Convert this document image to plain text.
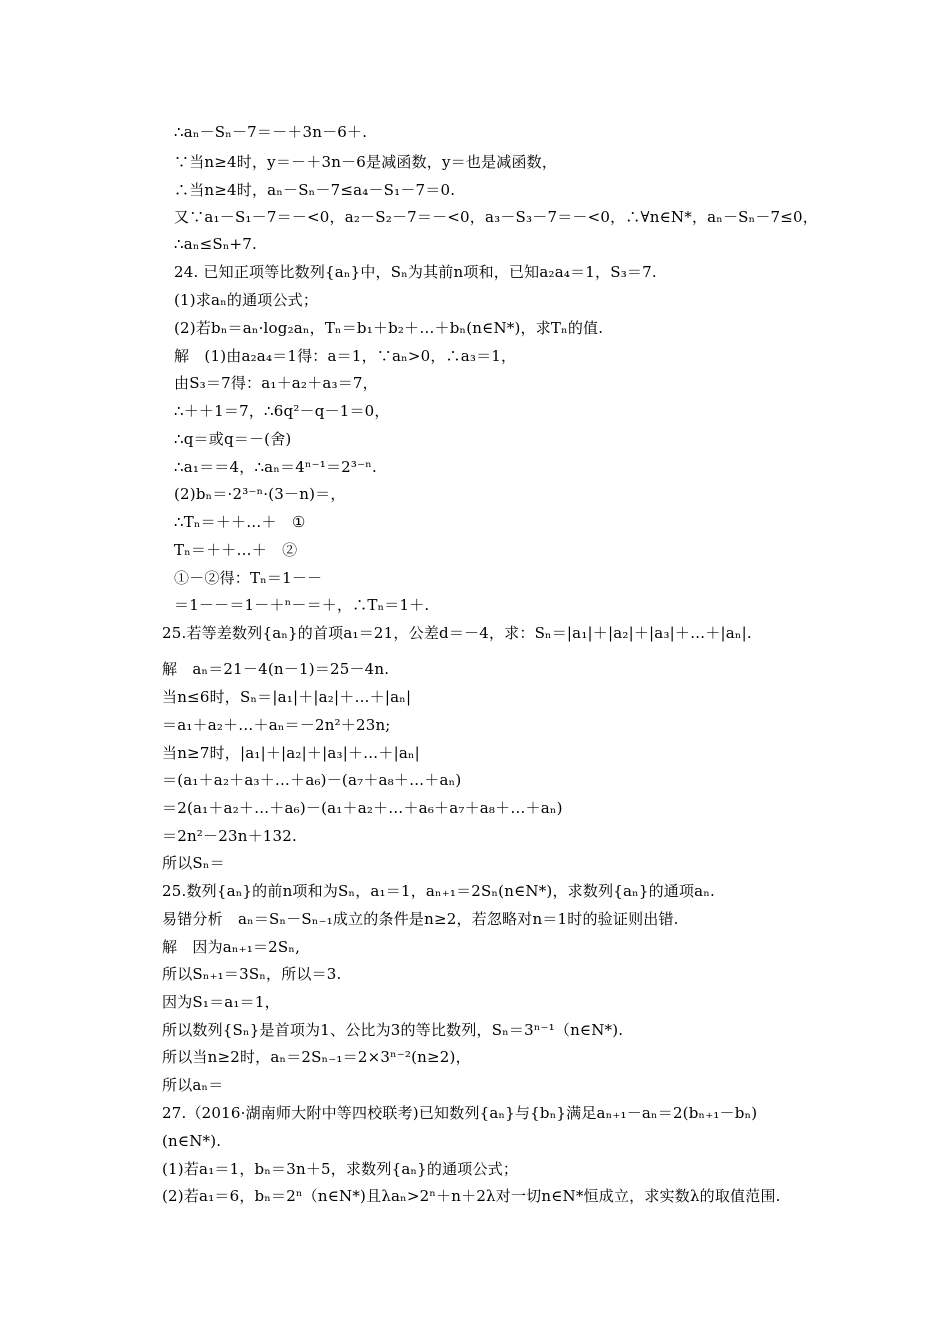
∴aₙ－Sₙ－7＝－＋3n－6＋.
∵当n≥4时，y＝－＋3n－6是减函数，y＝也是减函数，
∴当n≥4时，aₙ－Sₙ－7≤a₄－S₁－7＝0.
又∵a₁－S₁－7＝－<0，a₂－S₂－7＝－<0，a₃－S₃－7＝－<0，∴∀n∈N*，aₙ－Sₙ－7≤0，
∴aₙ≤Sₙ+7.
24. 已知正项等比数列{aₙ}中，Sₙ为其前n项和，已知a₂a₄＝1，S₃＝7.
(1)求aₙ的通项公式；
(2)若bₙ＝aₙ·log₂aₙ，Tₙ＝b₁＋b₂＋…＋bₙ(n∈N*)，求Tₙ的值.
解　(1)由a₂a₄＝1得：a＝1，∵aₙ>0，∴a₃＝1，
由S₃＝7得：a₁＋a₂＋a₃＝7，
∴＋＋1＝7，∴6q²－q－1＝0，
∴q＝或q＝－(舍)
∴a₁＝＝4，∴aₙ＝4ⁿ⁻¹＝2³⁻ⁿ.
(2)bₙ＝·2³⁻ⁿ·(3－n)＝，
∴Tₙ＝＋＋…＋　①
Tₙ＝＋＋…＋　②
①－②得：Tₙ＝1－－
＝1－－＝1－＋ⁿ－＝＋，∴Tₙ＝1＋.
25.若等差数列{aₙ}的首项a₁＝21，公差d＝－4，求：Sₙ＝|a₁|＋|a₂|＋|a₃|＋…＋|aₙ|.
解　aₙ＝21－4(n－1)＝25－4n.
当n≤6时，Sₙ＝|a₁|＋|a₂|＋…＋|aₙ|
＝a₁＋a₂＋…＋aₙ＝－2n²＋23n;
当n≥7时，|a₁|＋|a₂|＋|a₃|＋…＋|aₙ|
＝(a₁＋a₂＋a₃＋…＋a₆)－(a₇＋a₈＋…＋aₙ)
＝2(a₁＋a₂＋…＋a₆)－(a₁＋a₂＋…＋a₆＋a₇＋a₈＋…＋aₙ)
＝2n²－23n＋132.
所以Sₙ＝
25.数列{aₙ}的前n项和为Sₙ，a₁＝1，aₙ₊₁＝2Sₙ(n∈N*)，求数列{aₙ}的通项aₙ.
易错分析　aₙ＝Sₙ－Sₙ₋₁成立的条件是n≥2，若忽略对n＝1时的验证则出错.
解　因为aₙ₊₁＝2Sₙ,
所以Sₙ₊₁＝3Sₙ，所以＝3.
因为S₁＝a₁＝1，
所以数列{Sₙ}是首项为1、公比为3的等比数列，Sₙ＝3ⁿ⁻¹（n∈N*).
所以当n≥2时，aₙ＝2Sₙ₋₁＝2×3ⁿ⁻²(n≥2)，
所以aₙ＝
27.（2016·湖南师大附中等四校联考)已知数列{aₙ}与{bₙ}满足aₙ₊₁－aₙ＝2(bₙ₊₁－bₙ)
(n∈N*).
(1)若a₁＝1，bₙ＝3n＋5，求数列{aₙ}的通项公式；
(2)若a₁＝6，bₙ＝2ⁿ（n∈N*)且λaₙ>2ⁿ＋n＋2λ对一切n∈N*恒成立，求实数λ的取值范围.
